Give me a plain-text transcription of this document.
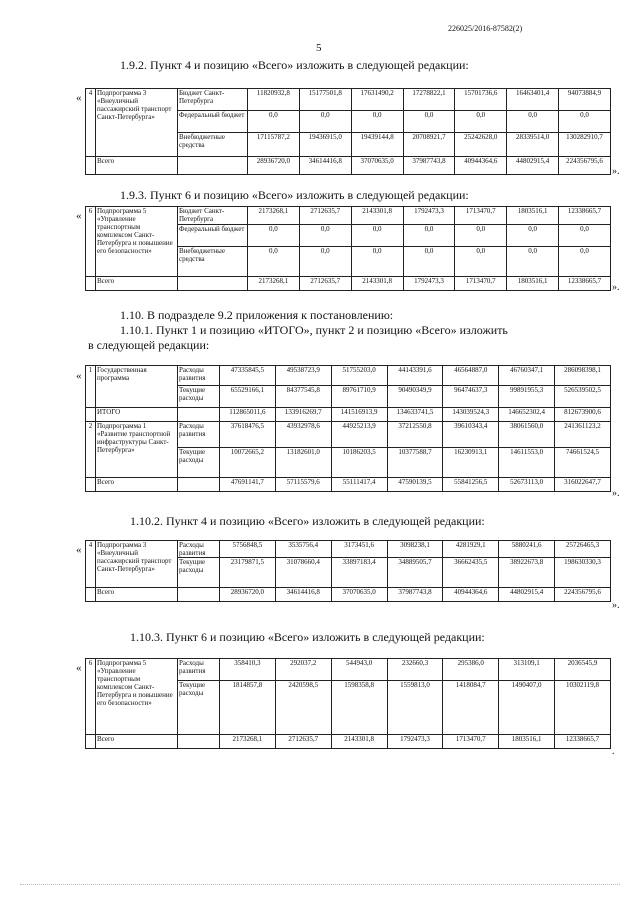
226025/2016-87582(2)
5
1.9.2. Пункт 4 и позицию «Всего» изложить в следующей редакции:
« 4	Подпрограмма 3 «Внеуличный пассажирский транспорт Санкт-Петербурга»	Бюджет Санкт-Петербурга	11820932,8	15177501,8	17631490,2	17278822,1	15701736,6	16463401,4	94073884,9
		Федеральный бюджет	0,0	0,0	0,0	0,0	0,0	0,0	0,0
		Внебюджетные средства	17115787,2	19436915,0	19439144,8	20708921,7	25242628,0	28339514,0	130282910,7
	Всего		28936720,0	34614416,8	37070635,0	37987743,8	40944364,6	44802915,4	224356795,6
».
1.9.3. Пункт 6 и позицию «Всего» изложить в следующей редакции:
« 6	Подпрограмма 5 «Управление транспортным комплексом Санкт-Петербурга и повышение его безопасности»	Бюджет Санкт-Петербурга	2173268,1	2712635,7	2143301,8	1792473,3	1713470,7	1803516,1	12338665,7
		Федеральный бюджет	0,0	0,0	0,0	0,0	0,0	0,0	0,0
		Внебюджетные средства	0,0	0,0	0,0	0,0	0,0	0,0	0,0
	Всего		2173268,1	2712635,7	2143301,8	1792473,3	1713470,7	1803516,1	12338665,7
».
1.10. В подразделе 9.2 приложения к постановлению:
1.10.1. Пункт 1 и позицию «ИТОГО», пункт 2 и позицию «Всего» изложить
в следующей редакции:
« 1	Государственная программа	Расходы развития	47335845,5	49538723,9	51755203,0	44143391,6	46564887,0	46760347,1	286098398,1
		Текущие расходы	65529166,1	84377545,8	89761710,9	90490349,9	96474637,3	99891955,3	526539502,5
	ИТОГО		112865011,6	133916269,7	141516913,9	134633741,5	143039524,3	146652302,4	812673900,6
2	Подпрограмма 1 «Развитие транспортной инфраструктуры Санкт-Петербурга»	Расходы развития	37618476,5	43932978,6	44925213,9	37212550,8	39610343,4	38061560,0	241361123,2
		Текущие расходы	10072665,2	13182601,0	10186203,5	10377588,7	16230913,1	14611553,0	74661524,5
	Всего		47691141,7	57115579,6	55111417,4	47590139,5	55841256,5	52673113,0	316022647,7
».
1.10.2. Пункт 4 и позицию «Всего» изложить в следующей редакции:
« 4	Подпрограмма 3 «Внеуличный пассажирский транспорт Санкт-Петербурга»	Расходы развития	5756848,5	3535756,4	3173451,6	3098238,1	4281929,1	5880241,6	25726465,3
		Текущие расходы	23179871,5	31078660,4	33897183,4	34889505,7	36662435,5	38922673,8	198630330,3
	Всего		28936720,0	34614416,8	37070635,0	37987743,8	40944364,6	44802915,4	224356795,6
».
1.10.3. Пункт 6 и позицию «Всего» изложить в следующей редакции:
« 6	Подпрограмма 5 «Управление транспортным комплексом Санкт-Петербурга и повышение его безопасности»	Расходы развития	358410,3	292037,2	544943,0	232660,3	295386,0	313109,1	2036545,9
		Текущие расходы	1814857,8	2420598,5	1598358,8	1559813,0	1418084,7	1490407,0	10302119,8
	Всего		2173268,1	2712635,7	2143301,8	1792473,3	1713470,7	1803516,1	12338665,7
.
